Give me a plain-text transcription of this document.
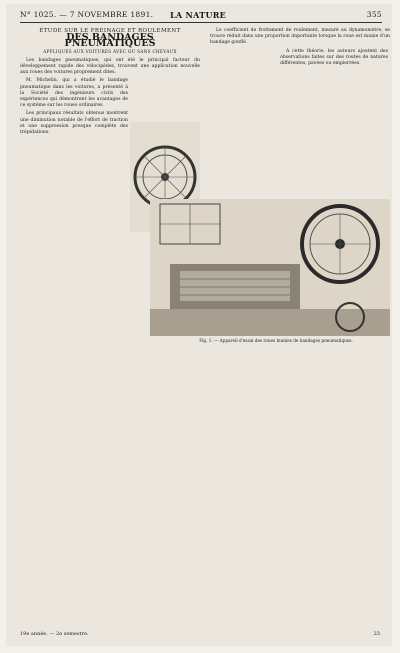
N° 1025. — 7 NOVEMBRE 1891. LA NATURE	355
ÉTUDE SUR LE FREINAGE ET ROULEMENT
DES BANDAGES PNEUMATIQUES
APPLIQUÉS AUX VOITURES AVEC OU SANS CHEVAUX

Les bandages pneumatiques, qui ont été le principal facteur du développement rapide des vélocipèdes, trouvent une application nouvelle aux roues des voitures proprement dites.

M. Michelin, qui a étudié le bandage pneumatique dans les voitures, a présenté à la Société des ingénieurs civils des expériences qui démontrent les avantages de ce système sur les roues ordinaires.

Les principaux résultats obtenus montrent une diminution notable de l'effort de traction et une suppression presque complète des trépidations.

Le coefficient de frottement de roulement, mesuré au dynamomètre, se trouve réduit dans une proportion importante lorsque la roue est munie d'un bandage gonflé.

A cette théorie, les auteurs ajoutent des observations faites sur des routes de natures différentes, pavées ou empierrées.

Fig. 1. — Appareil d'essai des roues munies de bandages pneumatiques.
19e année. — 2e semestre.	23
